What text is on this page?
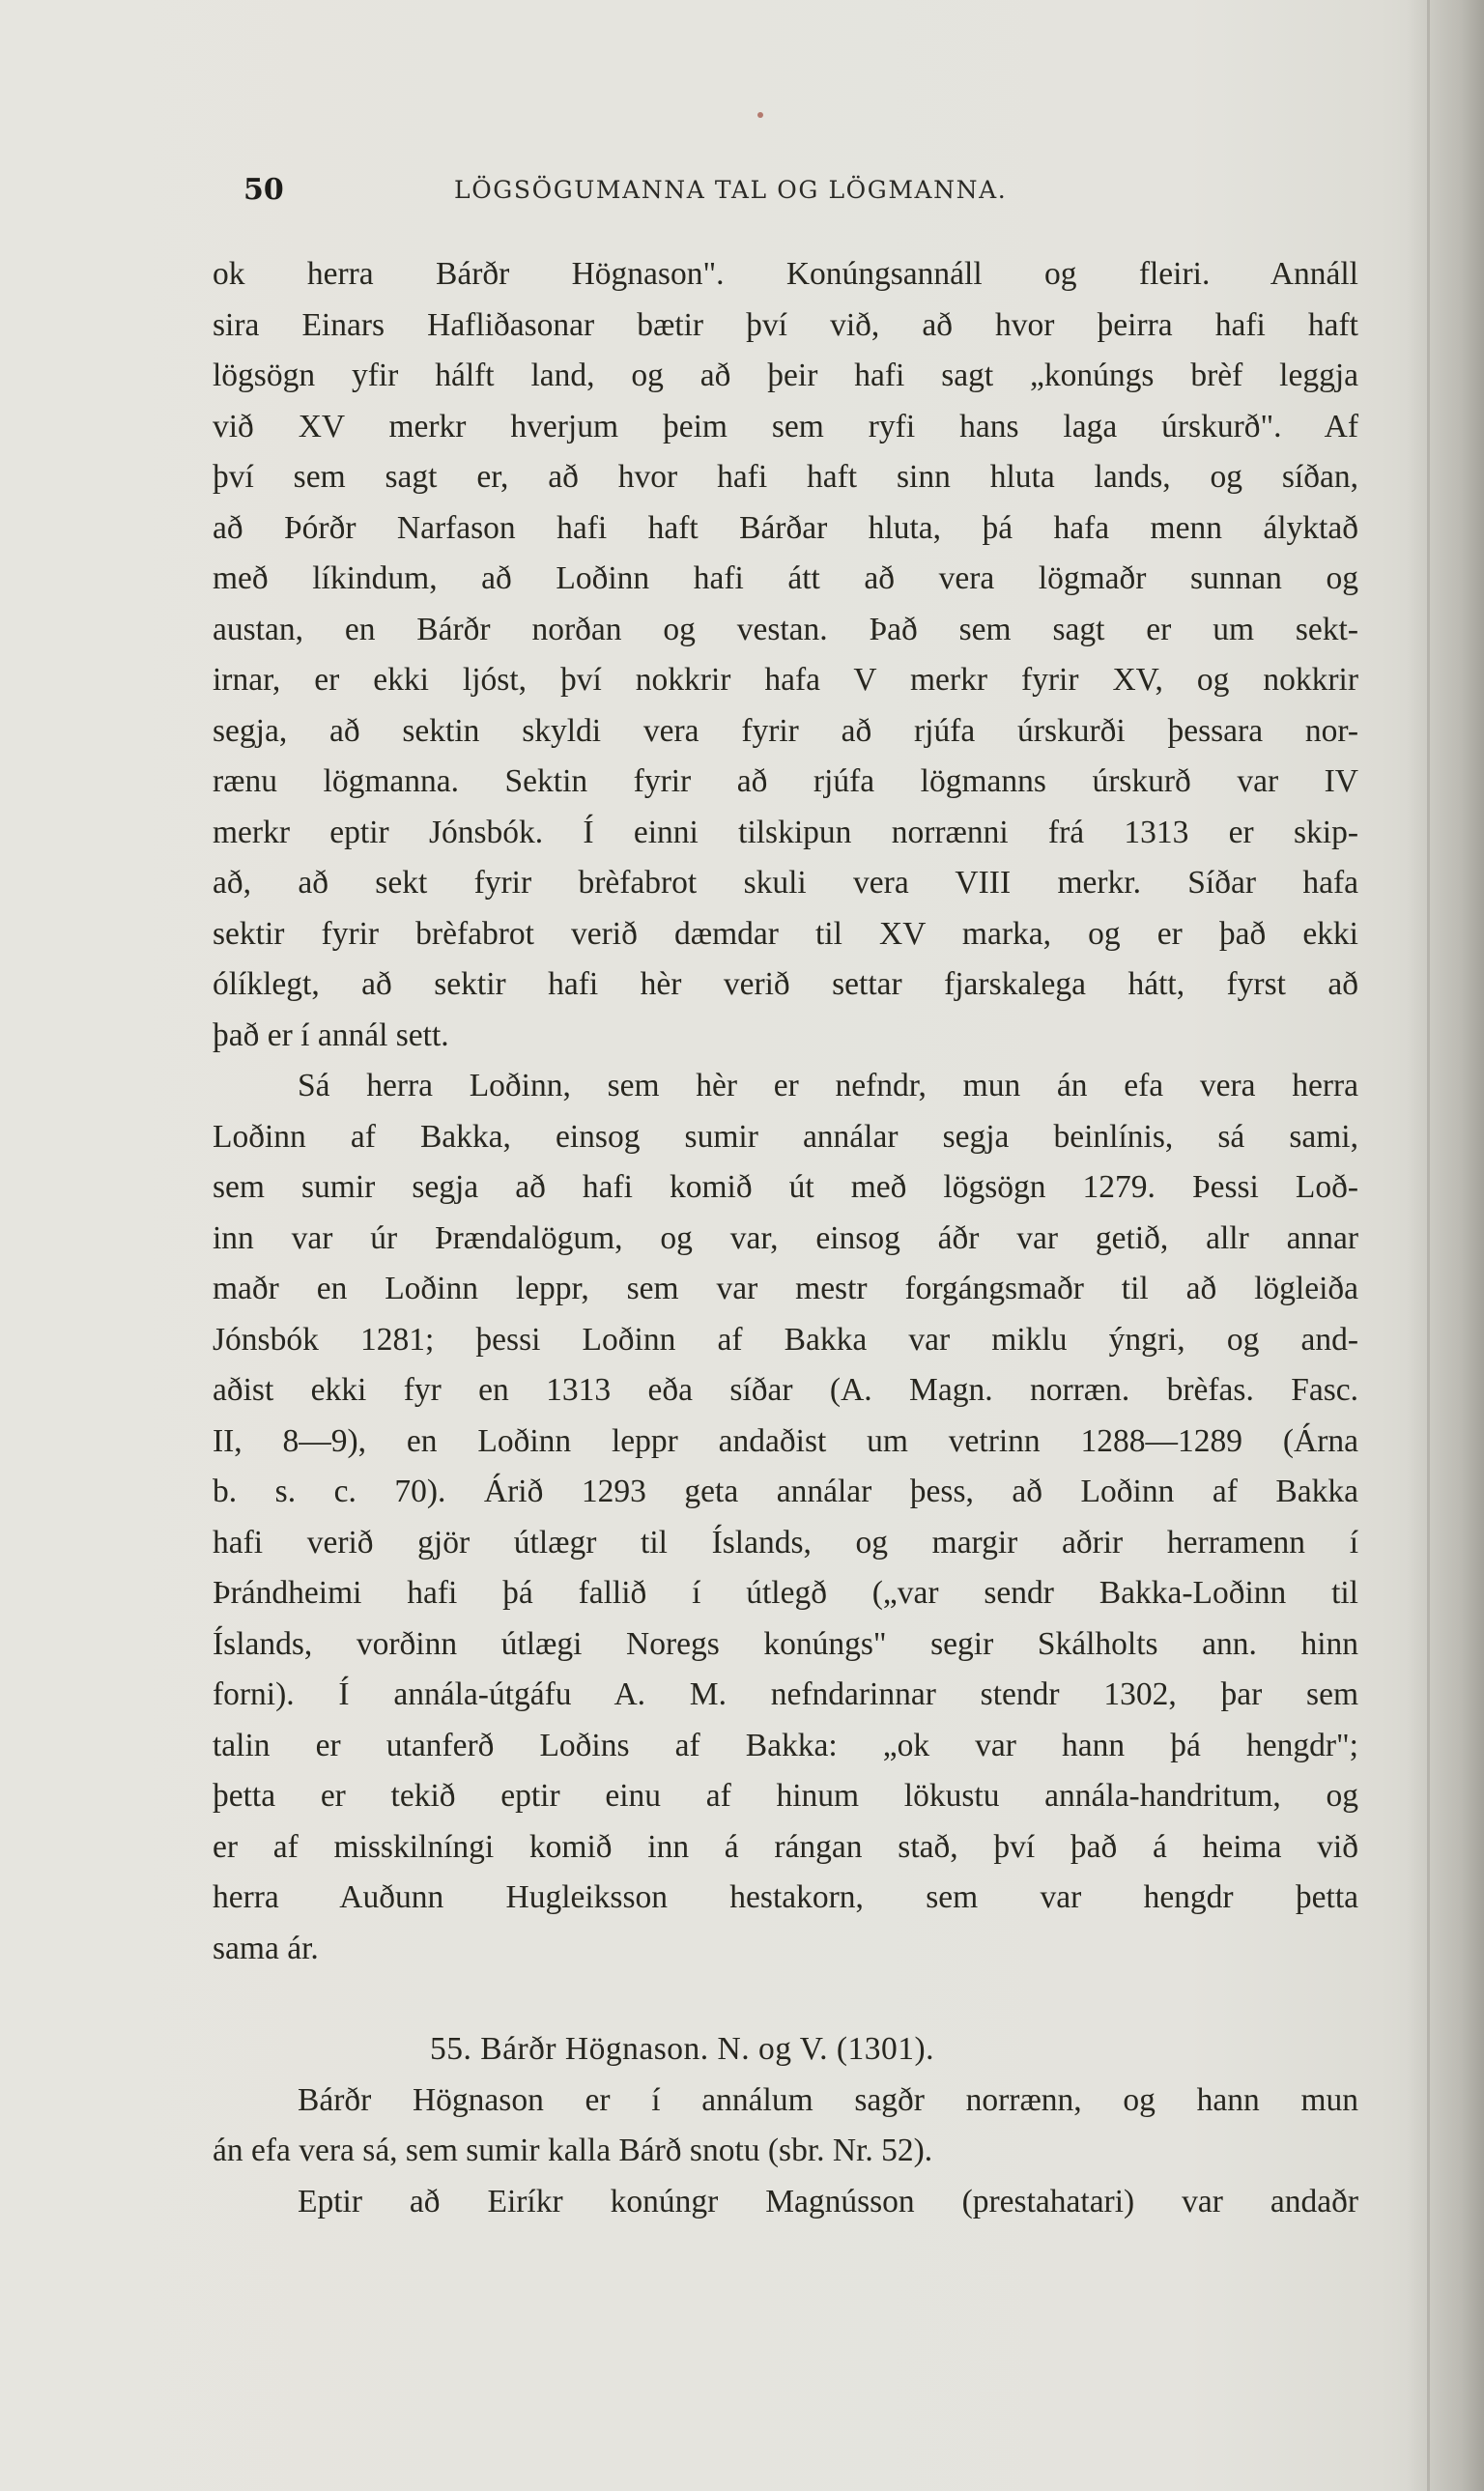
50	LÖGSÖGUMANNA TAL OG LÖGMANNA.
ok herra Bárðr Högnason". Konúngsannáll og fleiri. Annáll
sira Einars Hafliðasonar bætir því við, að hvor þeirra hafi haft
lögsögn yfir hálft land, og að þeir hafi sagt „konúngs brèf leggja
við XV merkr hverjum þeim sem ryfi hans laga úrskurð". Af
því sem sagt er, að hvor hafi haft sinn hluta lands, og síðan,
að Þórðr Narfason hafi haft Bárðar hluta, þá hafa menn ályktað
með líkindum, að Loðinn hafi átt að vera lögmaðr sunnan og
austan, en Bárðr norðan og vestan. Það sem sagt er um sekt-
irnar, er ekki ljóst, því nokkrir hafa V merkr fyrir XV, og nokkrir
segja, að sektin skyldi vera fyrir að rjúfa úrskurði þessara nor-
rænu lögmanna. Sektin fyrir að rjúfa lögmanns úrskurð var IV
merkr eptir Jónsbók. Í einni tilskipun norrænni frá 1313 er skip-
að, að sekt fyrir brèfabrot skuli vera VIII merkr. Síðar hafa
sektir fyrir brèfabrot verið dæmdar til XV marka, og er það ekki
ólíklegt, að sektir hafi hèr verið settar fjarskalega hátt, fyrst að
það er í annál sett.
Sá herra Loðinn, sem hèr er nefndr, mun án efa vera herra
Loðinn af Bakka, einsog sumir annálar segja beinlínis, sá sami,
sem sumir segja að hafi komið út með lögsögn 1279. Þessi Loð-
inn var úr Þrændalögum, og var, einsog áðr var getið, allr annar
maðr en Loðinn leppr, sem var mestr forgángsmaðr til að lögleiða
Jónsbók 1281; þessi Loðinn af Bakka var miklu ýngri, og and-
aðist ekki fyr en 1313 eða síðar (A. Magn. norræn. brèfas. Fasc.
II, 8—9), en Loðinn leppr andaðist um vetrinn 1288—1289 (Árna
b. s. c. 70). Árið 1293 geta annálar þess, að Loðinn af Bakka
hafi verið gjör útlægr til Íslands, og margir aðrir herramenn í
Þrándheimi hafi þá fallið í útlegð („var sendr Bakka-Loðinn til
Íslands, vorðinn útlægi Noregs konúngs" segir Skálholts ann. hinn
forni). Í annála-útgáfu A. M. nefndarinnar stendr 1302, þar sem
talin er utanferð Loðins af Bakka: „ok var hann þá hengdr";
þetta er tekið eptir einu af hinum lökustu annála-handritum, og
er af misskilníngi komið inn á rángan stað, því það á heima við
herra Auðunn Hugleiksson hestakorn, sem var hengdr þetta
sama ár.
55. Bárðr Högnason. N. og V. (1301).
Bárðr Högnason er í annálum sagðr norrænn, og hann mun
án efa vera sá, sem sumir kalla Bárð snotu (sbr. Nr. 52).
Eptir að Eiríkr konúngr Magnússon (prestahatari) var andaðr
